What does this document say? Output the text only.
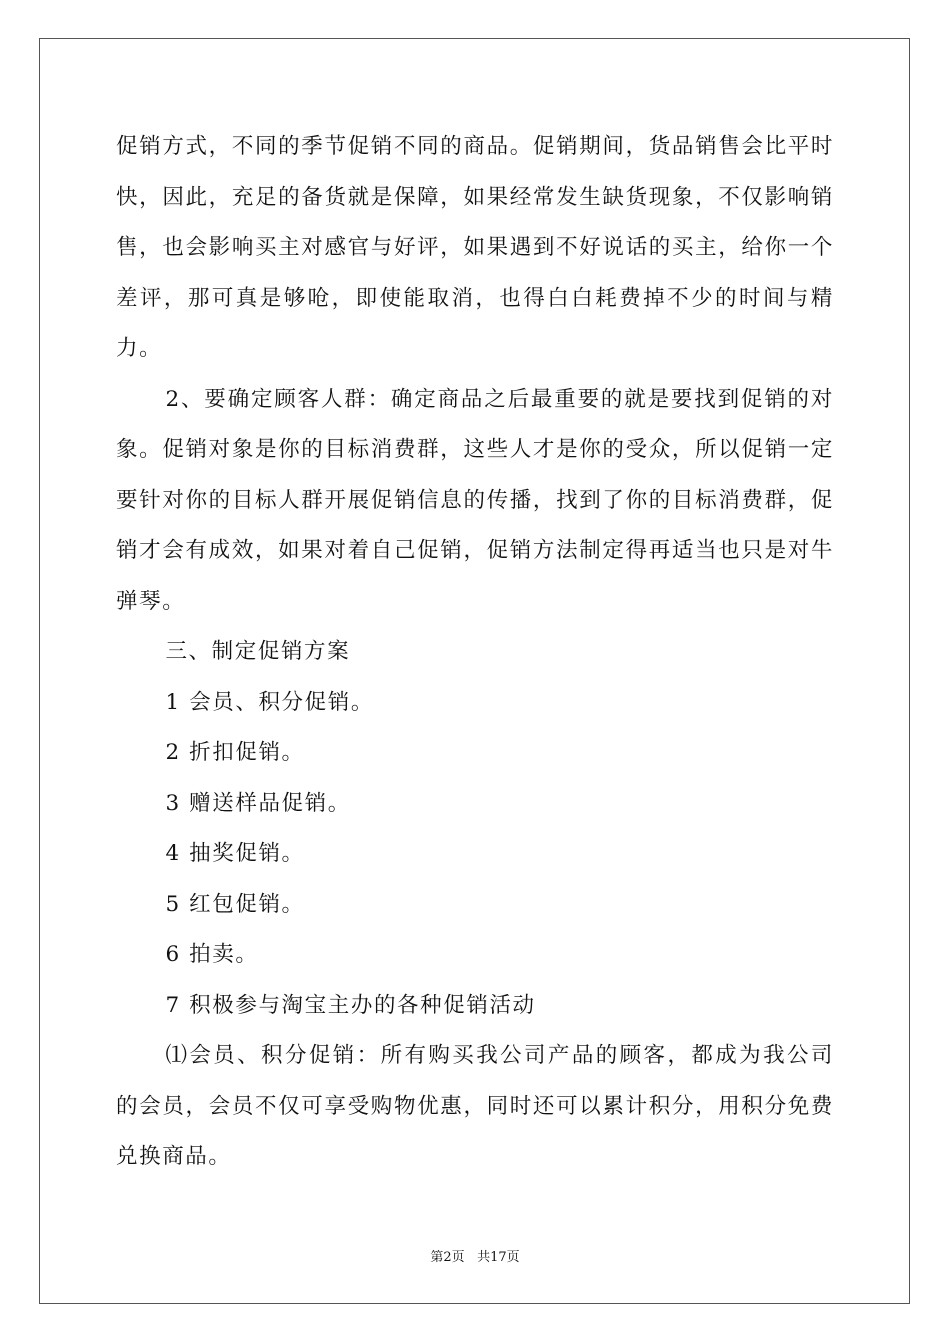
促销方式，不同的季节促销不同的商品。促销期间，货品销售会比平时快，因此，充足的备货就是保障，如果经常发生缺货现象，不仅影响销售，也会影响买主对感官与好评，如果遇到不好说话的买主，给你一个差评，那可真是够呛，即使能取消，也得白白耗费掉不少的时间与精力。

2、要确定顾客人群：确定商品之后最重要的就是要找到促销的对象。促销对象是你的目标消费群，这些人才是你的受众，所以促销一定要针对你的目标人群开展促销信息的传播，找到了你的目标消费群，促销才会有成效，如果对着自己促销，促销方法制定得再适当也只是对牛弹琴。

三、制定促销方案

1 会员、积分促销。

2 折扣促销。

3 赠送样品促销。

4 抽奖促销。

5 红包促销。

6 拍卖。

7 积极参与淘宝主办的各种促销活动

⑴会员、积分促销：所有购买我公司产品的顾客，都成为我公司的会员，会员不仅可享受购物优惠，同时还可以累计积分，用积分免费兑换商品。

第2页 共17页
